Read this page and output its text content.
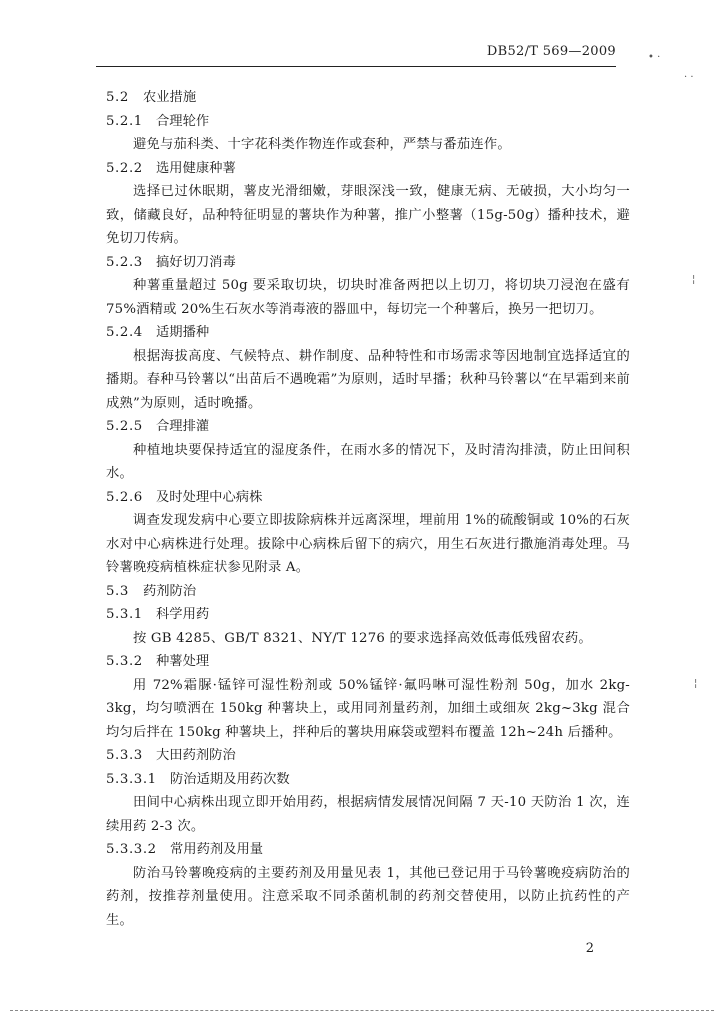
DB52/T 569—2009	• ·
· ·
¦
¦
5.2 农业措施
5.2.1 合理轮作

避免与茄科类、十字花科类作物连作或套种，严禁与番茄连作。

5.2.2 选用健康种薯

选择已过休眠期，薯皮光滑细嫩，芽眼深浅一致，健康无病、无破损，大小均匀一致，储藏良好，品种特征明显的薯块作为种薯，推广小整薯（15g-50g）播种技术，避免切刀传病。

5.2.3 搞好切刀消毒

种薯重量超过 50g 要采取切块，切块时准备两把以上切刀，将切块刀浸泡在盛有 75%酒精或 20%生石灰水等消毒液的器皿中，每切完一个种薯后，换另一把切刀。

5.2.4 适期播种

根据海拔高度、气候特点、耕作制度、品种特性和市场需求等因地制宜选择适宜的播期。春种马铃薯以“出苗后不遇晚霜”为原则，适时早播；秋种马铃薯以“在早霜到来前成熟”为原则，适时晚播。

5.2.5 合理排灌

种植地块要保持适宜的湿度条件，在雨水多的情况下，及时清沟排渍，防止田间积水。

5.2.6 及时处理中心病株

调查发现发病中心要立即拔除病株并远离深埋，埋前用 1%的硫酸铜或 10%的石灰水对中心病株进行处理。拔除中心病株后留下的病穴，用生石灰进行撒施消毒处理。马铃薯晚疫病植株症状参见附录 A。

5.3 药剂防治
5.3.1 科学用药

按 GB 4285、GB/T 8321、NY/T 1276 的要求选择高效低毒低残留农药。

5.3.2 种薯处理

用 72%霜脲·锰锌可湿性粉剂或 50%锰锌·氟吗啉可湿性粉剂 50g，加水 2kg-3kg，均匀喷洒在 150kg 种薯块上，或用同剂量药剂，加细土或细灰 2kg~3kg 混合均匀后拌在 150kg 种薯块上，拌种后的薯块用麻袋或塑料布覆盖 12h~24h 后播种。

5.3.3 大田药剂防治
5.3.3.1 防治适期及用药次数

田间中心病株出现立即开始用药，根据病情发展情况间隔 7 天-10 天防治 1 次，连续用药 2-3 次。

5.3.3.2 常用药剂及用量

防治马铃薯晚疫病的主要药剂及用量见表 1，其他已登记用于马铃薯晚疫病防治的药剂，按推荐剂量使用。注意采取不同杀菌机制的药剂交替使用，以防止抗药性的产生。

2
